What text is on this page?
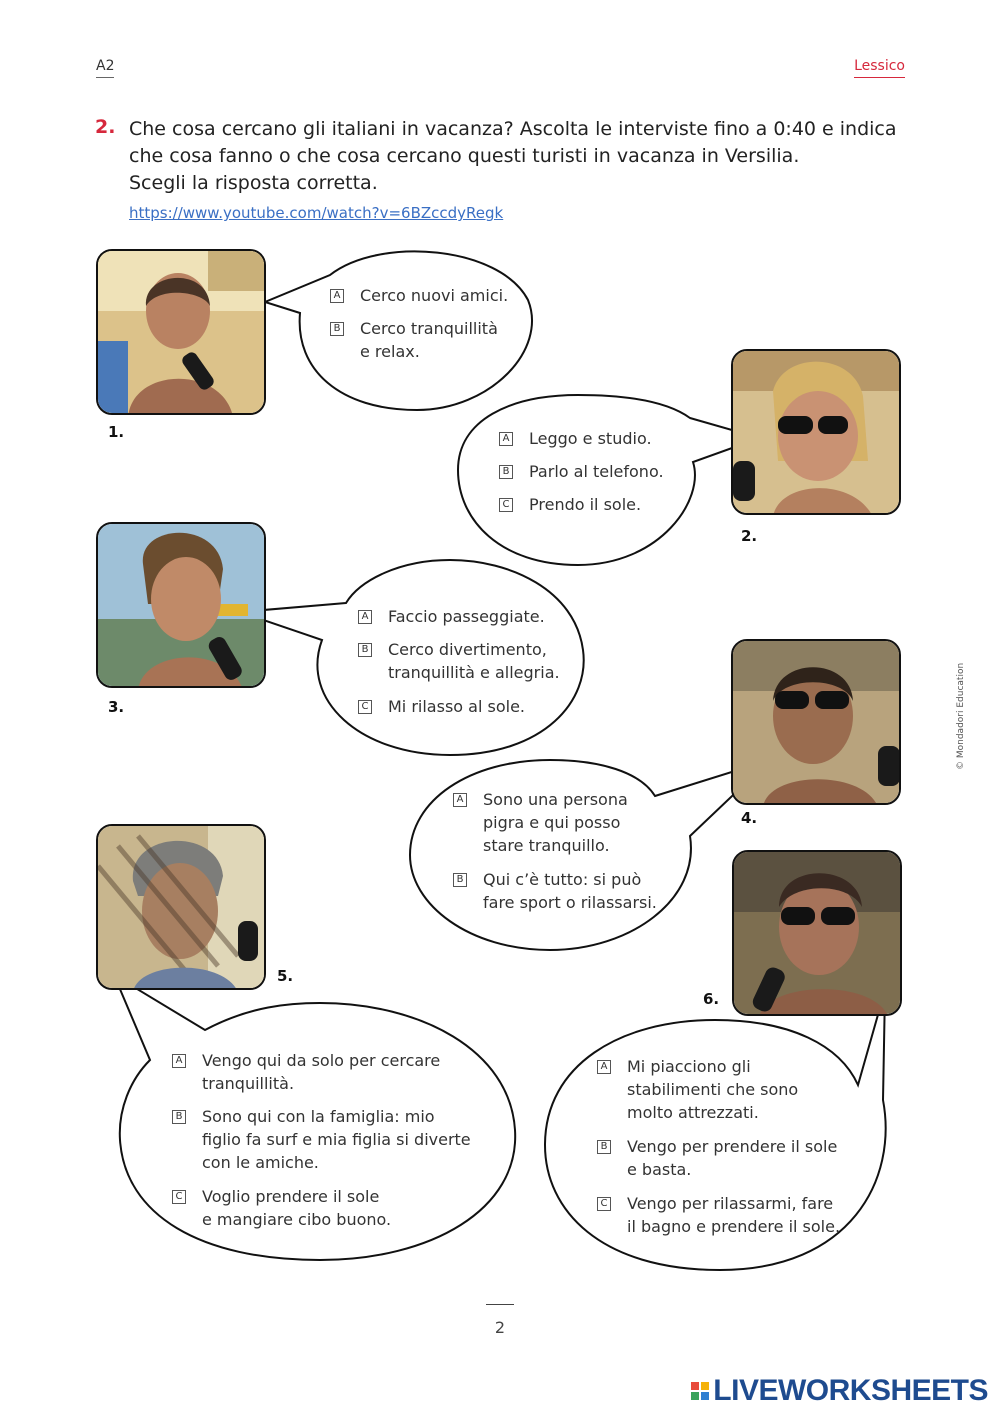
A2	Lessico
2. Che cosa cercano gli italiani in vacanza? Ascolta le interviste fino a 0:40 e indica
che cosa fanno o che cosa cercano questi turisti in vacanza in Versilia.
Scegli la risposta corretta.
https://www.youtube.com/watch?v=6BZccdyRegk
1.
2.
3.
4.
5.
6.
A Cerco nuovi amici.
B Cerco tranquillità
e relax.
A Leggo e studio.
B Parlo al telefono.
C Prendo il sole.
A Faccio passeggiate.
B Cerco divertimento,
tranquillità e allegria.
C Mi rilasso al sole.
A Sono una persona
pigra e qui posso
stare tranquillo.
B Qui c’è tutto: si può
fare sport o rilassarsi.
A Vengo qui da solo per cercare
tranquillità.
B Sono qui con la famiglia: mio
figlio fa surf e mia figlia si diverte
con le amiche.
C Voglio prendere il sole
e mangiare cibo buono.
A Mi piacciono gli
stabilimenti che sono
molto attrezzati.
B Vengo per prendere il sole
e basta.
C Vengo per rilassarmi, fare
il bagno e prendere il sole.
© Mondadori Education
2
LIVEWORKSHEETS
